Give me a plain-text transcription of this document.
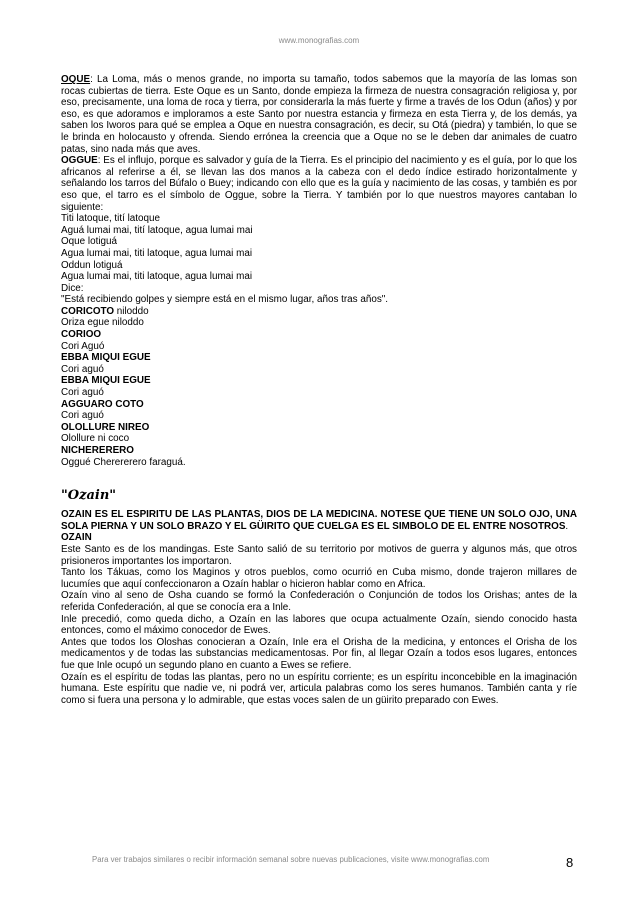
www.monografias.com

OQUE: La Loma, más o menos grande, no importa su tamaño, todos sabemos que la mayoría de las lomas son rocas cubiertas de tierra. Este Oque es un Santo, donde empieza la firmeza de nuestra consagración religiosa y, por eso, precisamente, una loma de roca y tierra, por considerarla la más fuerte y firme a través de los Odun (años) y por eso, es que adoramos e imploramos a este Santo por nuestra estancia y firmeza en esta Tierra y, de los demás, ya saben los Iworos para qué se emplea a Oque en nuestra consagración, es decir, su Otá (piedra) y también, lo que se le brinda en holocausto y ofrenda. Siendo errónea la creencia que a Oque no se le deben dar animales de cuatro patas, sino nada más que aves.

OGGUE: Es el influjo, porque es salvador y guía de la Tierra. Es el principio del nacimiento y es el guía, por lo que los africanos al referirse a él, se llevan las dos manos a la cabeza con el dedo índice estirado horizontalmente y señalando los tarros del Búfalo o Buey; indicando con ello que es la guía y nacimiento de las cosas, y también es por eso que, el tarro es el símbolo de Oggue, sobre la Tierra. Y también por lo que nuestros mayores cantaban lo siguiente:

Titi latoque, tití latoque

Aguá lumai mai, tití latoque, agua lumai mai

Oque lotiguá

Agua lumai mai, titi latoque, agua lumai mai

Oddun lotiguá

Agua lumai mai, titi latoque, agua lumai mai

Dice:

"Está recibiendo golpes y siempre está en el mismo lugar, años tras años".

CORICOTO niloddo

Oriza egue niloddo

CORIOO

Cori Aguó

EBBA MIQUI EGUE

Cori aguó

EBBA MIQUI EGUE

Cori aguó

AGGUARO COTO

Cori aguó

OLOLLURE NIREO

Olollure ni coco

NICHERERERO

Oggué Cherererero faraguá.

"Ozain"

OZAIN ES EL ESPIRITU DE LAS PLANTAS, DIOS DE LA MEDICINA. NOTESE QUE TIENE UN SOLO OJO, UNA SOLA PIERNA Y UN SOLO BRAZO Y EL GÜIRITO QUE CUELGA ES EL SIMBOLO DE EL ENTRE NOSOTROS.

OZAIN

Este Santo es de los mandingas. Este Santo salió de su territorio por motivos de guerra y algunos más, que otros prisioneros importantes los importaron.

Tanto los Tákuas, como los Maginos y otros pueblos, como ocurrió en Cuba mismo, donde trajeron millares de lucumíes que aquí confeccionaron a Ozaín hablar o hicieron hablar como en Africa.

Ozaín vino al seno de Osha cuando se formó la Confederación o Conjunción de todos los Orishas; antes de la referida Confederación, al que se conocía era a Inle.

Inle precedió, como queda dicho, a Ozaín en las labores que ocupa actualmente Ozaín, siendo conocido hasta entonces, como el máximo conocedor de Ewes.

Antes que todos los Oloshas conocieran a Ozaín, Inle era el Orisha de la medicina, y entonces el Orisha de los medicamentos y de todas las substancias medicamentosas. Por fin, al llegar Ozaín a todos esos lugares, entonces fue que Inle ocupó un segundo plano en cuanto a Ewes se refiere.

Ozaín es el espíritu de todas las plantas, pero no un espíritu corriente; es un espíritu inconcebible en la imaginación humana. Este espíritu que nadie ve, ni podrá ver, articula palabras como los seres humanos. También canta y ríe como si fuera una persona y lo admirable, que estas voces salen de un güirito preparado con Ewes.

Para ver trabajos similares o recibir información semanal sobre nuevas publicaciones, visite www.monografias.com	8
